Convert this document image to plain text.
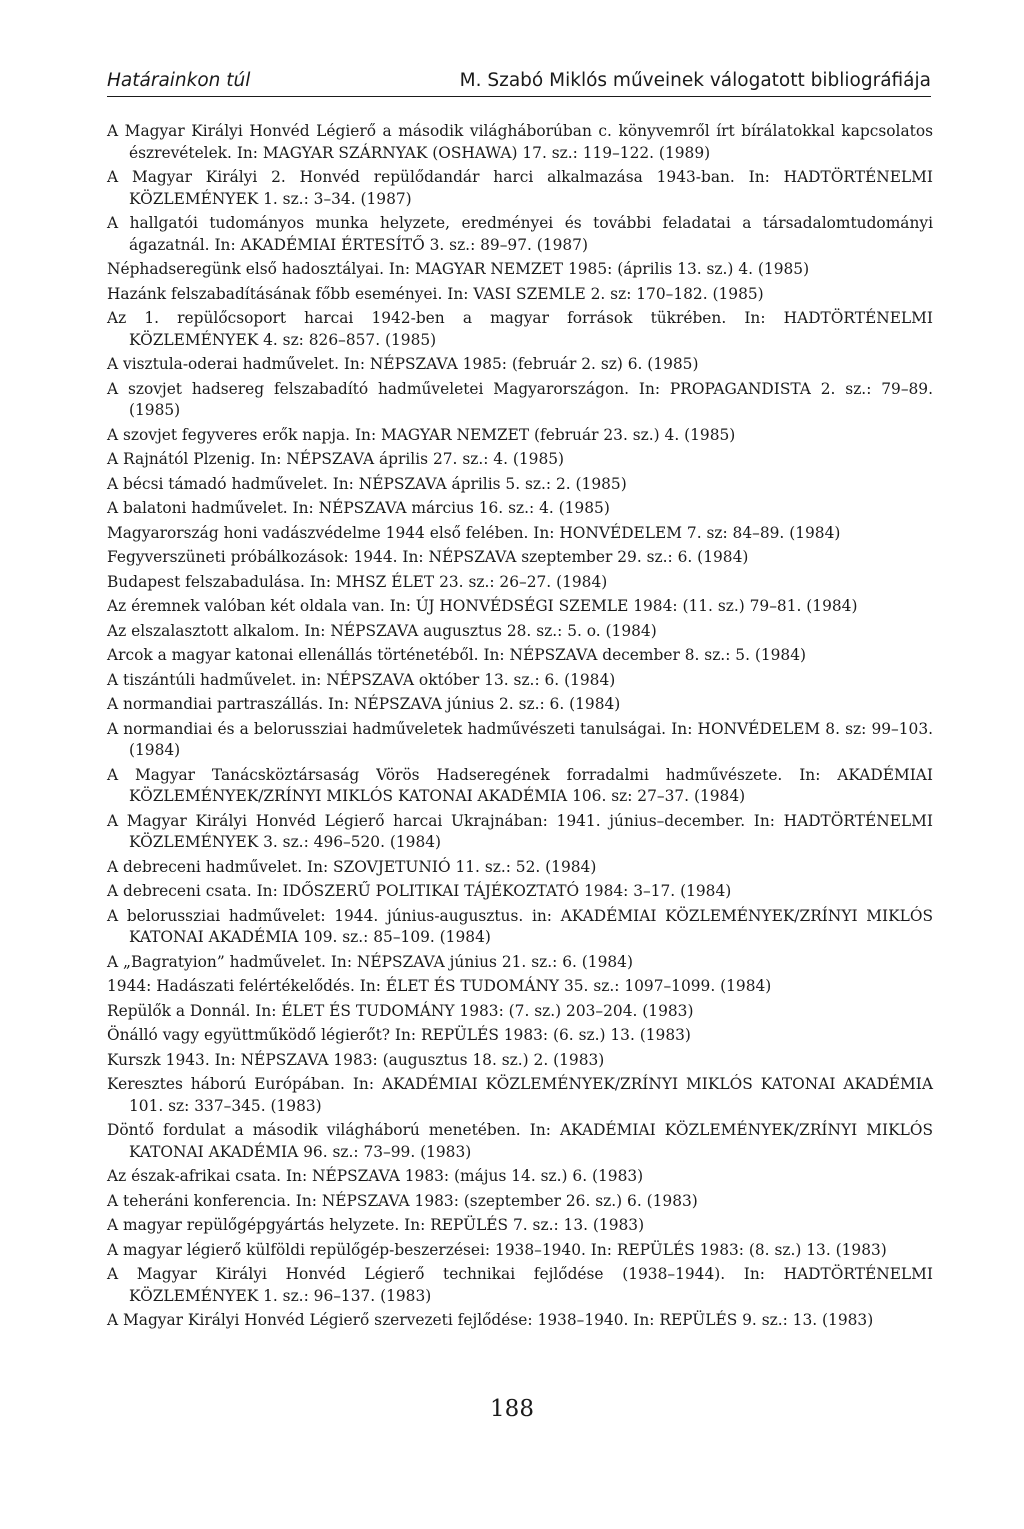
Határainkon túl	M. Szabó Miklós műveinek válogatott bibliográfiája
A Magyar Királyi Honvéd Légierő a második világháborúban c. könyvemről írt bírálatokkal kapcsolatos észrevételek. In: MAGYAR SZÁRNYAK (OSHAWA) 17. sz.: 119–122. (1989)
A Magyar Királyi 2. Honvéd repülődandár harci alkalmazása 1943-ban. In: HADTÖRTÉNELMI KÖZLEMÉNYEK 1. sz.: 3–34. (1987)
A hallgatói tudományos munka helyzete, eredményei és további feladatai a társadalomtudományi ágazatnál. In: AKADÉMIAI ÉRTESÍTŐ 3. sz.: 89–97. (1987)
Néphadseregünk első hadosztályai. In: MAGYAR NEMZET 1985: (április 13. sz.) 4. (1985)
Hazánk felszabadításának főbb eseményei. In: VASI SZEMLE 2. sz: 170–182. (1985)
Az 1. repülőcsoport harcai 1942-ben a magyar források tükrében. In: HADTÖRTÉNELMI KÖZLEMÉNYEK 4. sz: 826–857. (1985)
A visztula-oderai hadművelet. In: NÉPSZAVA 1985: (február 2. sz) 6. (1985)
A szovjet hadsereg felszabadító hadműveletei Magyarországon. In: PROPAGANDISTA 2. sz.: 79–89. (1985)
A szovjet fegyveres erők napja. In: MAGYAR NEMZET (február 23. sz.) 4. (1985)
A Rajnától Plzenig. In: NÉPSZAVA április 27. sz.: 4. (1985)
A bécsi támadó hadművelet. In: NÉPSZAVA április 5. sz.: 2. (1985)
A balatoni hadművelet. In: NÉPSZAVA március 16. sz.: 4. (1985)
Magyarország honi vadászvédelme 1944 első felében. In: HONVÉDELEM 7. sz: 84–89. (1984)
Fegyverszüneti próbálkozások: 1944. In: NÉPSZAVA szeptember 29. sz.: 6. (1984)
Budapest felszabadulása. In: MHSZ ÉLET 23. sz.: 26–27. (1984)
Az éremnek valóban két oldala van. In: ÚJ HONVÉDSÉGI SZEMLE 1984: (11. sz.) 79–81. (1984)
Az elszalasztott alkalom. In: NÉPSZAVA augusztus 28. sz.: 5. o. (1984)
Arcok a magyar katonai ellenállás történetéből. In: NÉPSZAVA december 8. sz.: 5. (1984)
A tiszántúli hadművelet. in: NÉPSZAVA október 13. sz.: 6. (1984)
A normandiai partraszállás. In: NÉPSZAVA június 2. sz.: 6. (1984)
A normandiai és a belorussziai hadműveletek hadművészeti tanulságai. In: HONVÉDELEM 8. sz: 99–103. (1984)
A Magyar Tanácsköztársaság Vörös Hadseregének forradalmi hadművészete. In: AKADÉMIAI KÖZLEMÉNYEK/ZRÍNYI MIKLÓS KATONAI AKADÉMIA 106. sz: 27–37. (1984)
A Magyar Királyi Honvéd Légierő harcai Ukrajnában: 1941. június–december. In: HADTÖRTÉNELMI KÖZLEMÉNYEK 3. sz.: 496–520. (1984)
A debreceni hadművelet. In: SZOVJETUNIÓ 11. sz.: 52. (1984)
A debreceni csata. In: IDŐSZERŰ POLITIKAI TÁJÉKOZTATÓ 1984: 3–17. (1984)
A belorussziai hadművelet: 1944. június-augusztus. in: AKADÉMIAI KÖZLEMÉNYEK/ZRÍNYI MIKLÓS KATONAI AKADÉMIA 109. sz.: 85–109. (1984)
A „Bagratyion” hadművelet. In: NÉPSZAVA június 21. sz.: 6. (1984)
1944: Hadászati felértékelődés. In: ÉLET ÉS TUDOMÁNY 35. sz.: 1097–1099. (1984)
Repülők a Donnál. In: ÉLET ÉS TUDOMÁNY 1983: (7. sz.) 203–204. (1983)
Önálló vagy együttműködő légierőt? In: REPÜLÉS 1983: (6. sz.) 13. (1983)
Kurszk 1943. In: NÉPSZAVA 1983: (augusztus 18. sz.) 2. (1983)
Keresztes háború Európában. In: AKADÉMIAI KÖZLEMÉNYEK/ZRÍNYI MIKLÓS KATONAI AKADÉMIA 101. sz: 337–345. (1983)
Döntő fordulat a második világháború menetében. In: AKADÉMIAI KÖZLEMÉNYEK/ZRÍNYI MIKLÓS KATONAI AKADÉMIA 96. sz.: 73–99. (1983)
Az észak-afrikai csata. In: NÉPSZAVA 1983: (május 14. sz.) 6. (1983)
A teheráni konferencia. In: NÉPSZAVA 1983: (szeptember 26. sz.) 6. (1983)
A magyar repülőgépgyártás helyzete. In: REPÜLÉS 7. sz.: 13. (1983)
A magyar légierő külföldi repülőgép-beszerzései: 1938–1940. In: REPÜLÉS 1983: (8. sz.) 13. (1983)
A Magyar Királyi Honvéd Légierő technikai fejlődése (1938–1944). In: HADTÖRTÉNELMI KÖZLEMÉNYEK 1. sz.: 96–137. (1983)
A Magyar Királyi Honvéd Légierő szervezeti fejlődése: 1938–1940. In: REPÜLÉS 9. sz.: 13. (1983)
188
